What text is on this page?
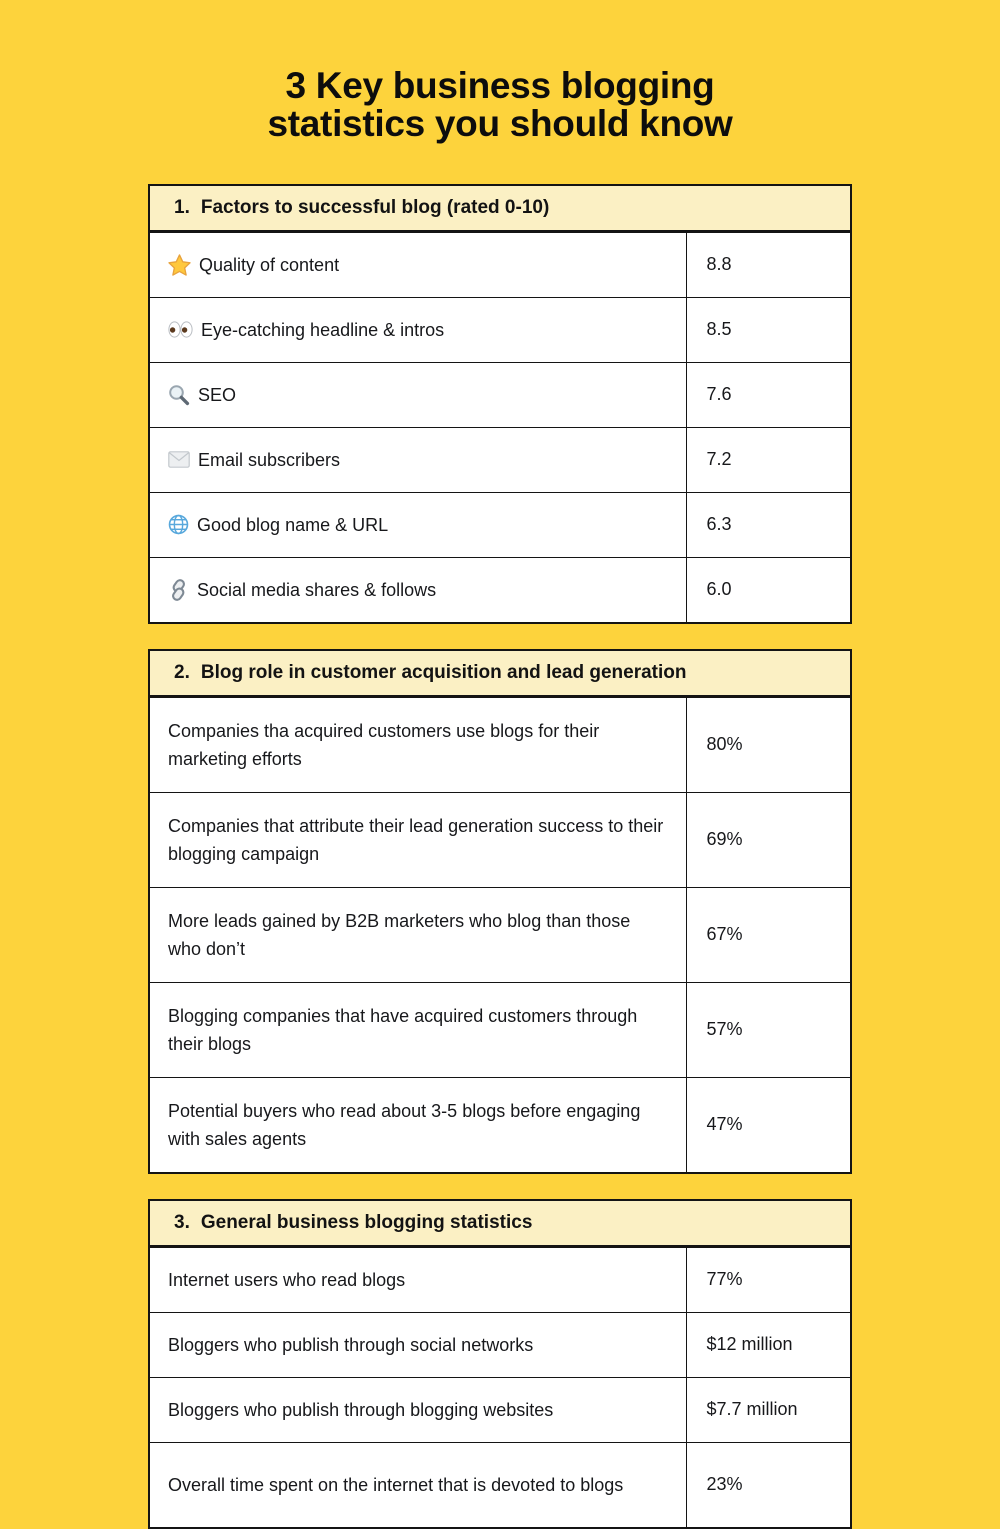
3 Key business blogging
statistics you should know
1. Factors to successful blog (rated 0-10)
Quality of content	8.8

Eye-catching headline & intros	8.5

SEO	7.6

Email subscribers	7.2

Good blog name & URL	6.3

Social media shares & follows	6.0
2. Blog role in customer acquisition and lead generation
Companies tha acquired customers use blogs for their marketing efforts	80%

Companies that attribute their lead generation success to their blogging campaign	69%

More leads gained by B2B marketers who blog than those who don’t	67%

Blogging companies that have acquired customers through their blogs	57%

Potential buyers who read about 3-5 blogs before engaging with sales agents	47%
3. General business blogging statistics
Internet users who read blogs	77%

Bloggers who publish through social networks	$12 million

Bloggers who publish through blogging websites	$7.7 million

Overall time spent on the internet that is devoted to blogs	23%
